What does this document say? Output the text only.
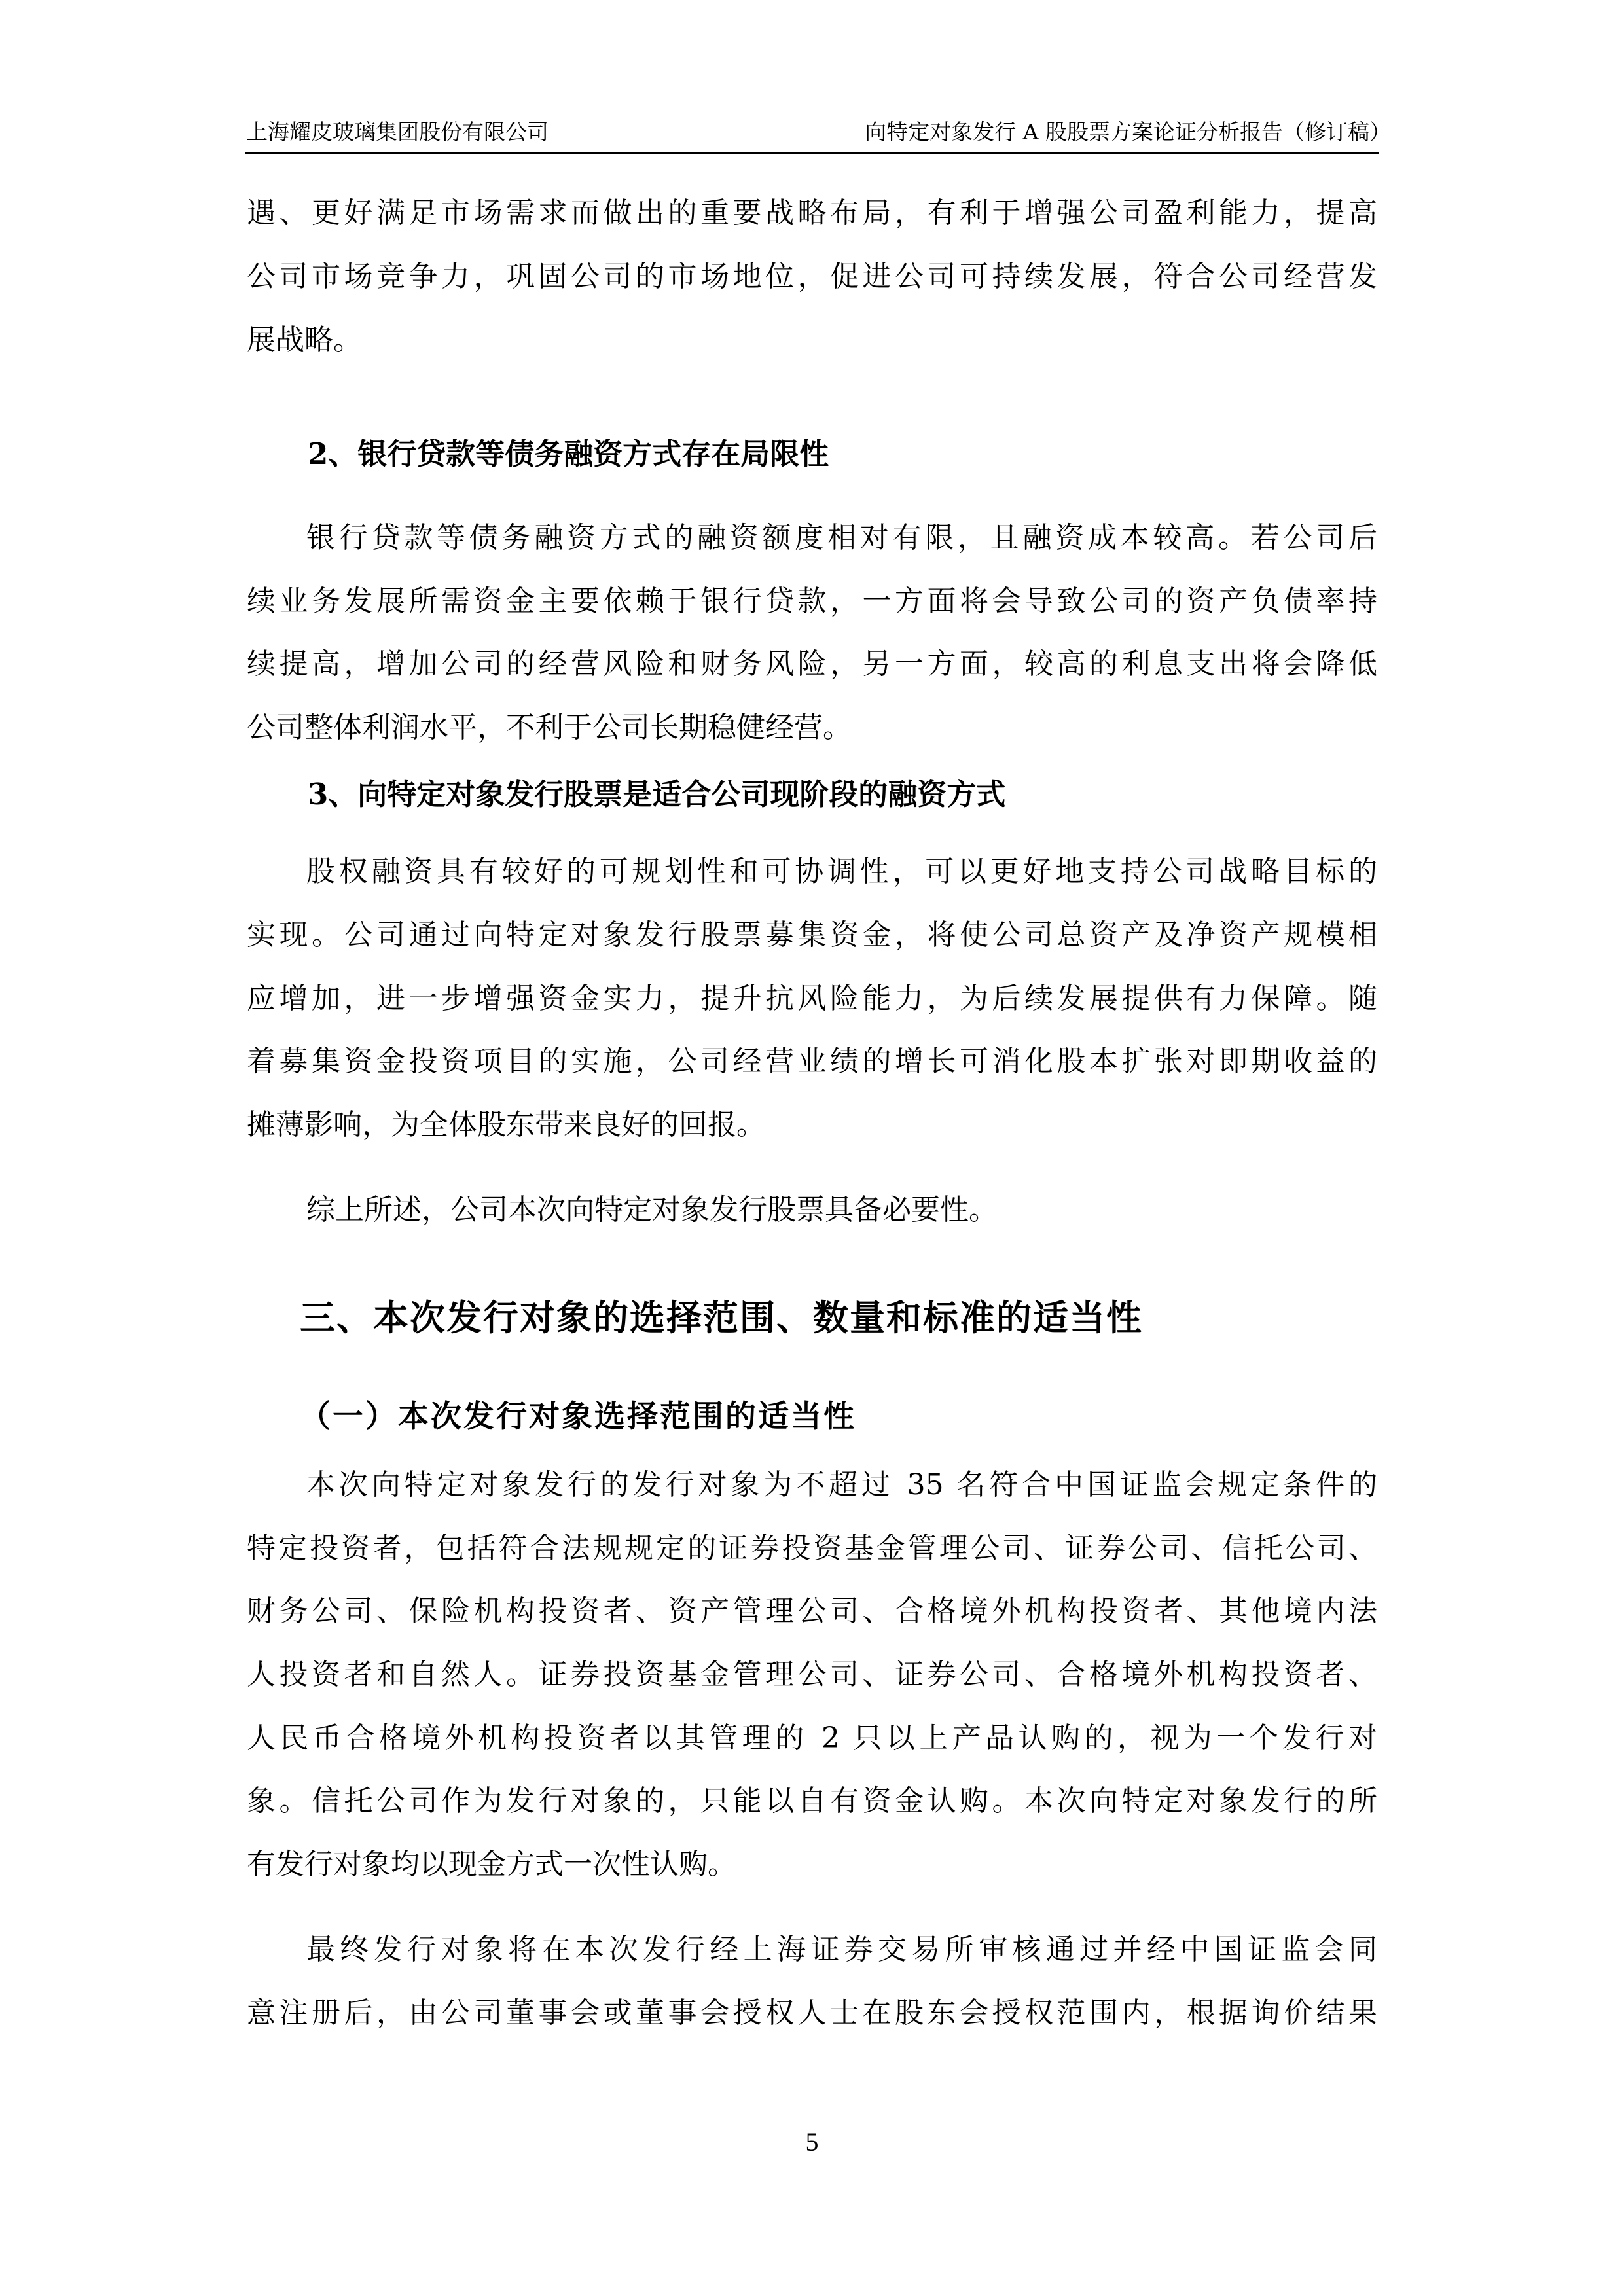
上海耀皮玻璃集团股份有限公司	向特定对象发行 A 股股票方案论证分析报告（修订稿）
遇、更好满足市场需求而做出的重要战略布局，有利于增强公司盈利能力，提高
公司市场竞争力，巩固公司的市场地位，促进公司可持续发展，符合公司经营发
展战略。
2、银行贷款等债务融资方式存在局限性
银行贷款等债务融资方式的融资额度相对有限，且融资成本较高。若公司后
续业务发展所需资金主要依赖于银行贷款，一方面将会导致公司的资产负债率持
续提高，增加公司的经营风险和财务风险，另一方面，较高的利息支出将会降低
公司整体利润水平，不利于公司长期稳健经营。
3、向特定对象发行股票是适合公司现阶段的融资方式
股权融资具有较好的可规划性和可协调性，可以更好地支持公司战略目标的
实现。公司通过向特定对象发行股票募集资金，将使公司总资产及净资产规模相
应增加，进一步增强资金实力，提升抗风险能力，为后续发展提供有力保障。随
着募集资金投资项目的实施，公司经营业绩的增长可消化股本扩张对即期收益的
摊薄影响，为全体股东带来良好的回报。
综上所述，公司本次向特定对象发行股票具备必要性。
三、本次发行对象的选择范围、数量和标准的适当性
（一）本次发行对象选择范围的适当性
本次向特定对象发行的发行对象为不超过 35 名符合中国证监会规定条件的
特定投资者，包括符合法规规定的证券投资基金管理公司、证券公司、信托公司、
财务公司、保险机构投资者、资产管理公司、合格境外机构投资者、其他境内法
人投资者和自然人。证券投资基金管理公司、证券公司、合格境外机构投资者、
人民币合格境外机构投资者以其管理的 2 只以上产品认购的，视为一个发行对
象。信托公司作为发行对象的，只能以自有资金认购。本次向特定对象发行的所
有发行对象均以现金方式一次性认购。
最终发行对象将在本次发行经上海证券交易所审核通过并经中国证监会同
意注册后，由公司董事会或董事会授权人士在股东会授权范围内，根据询价结果
5
